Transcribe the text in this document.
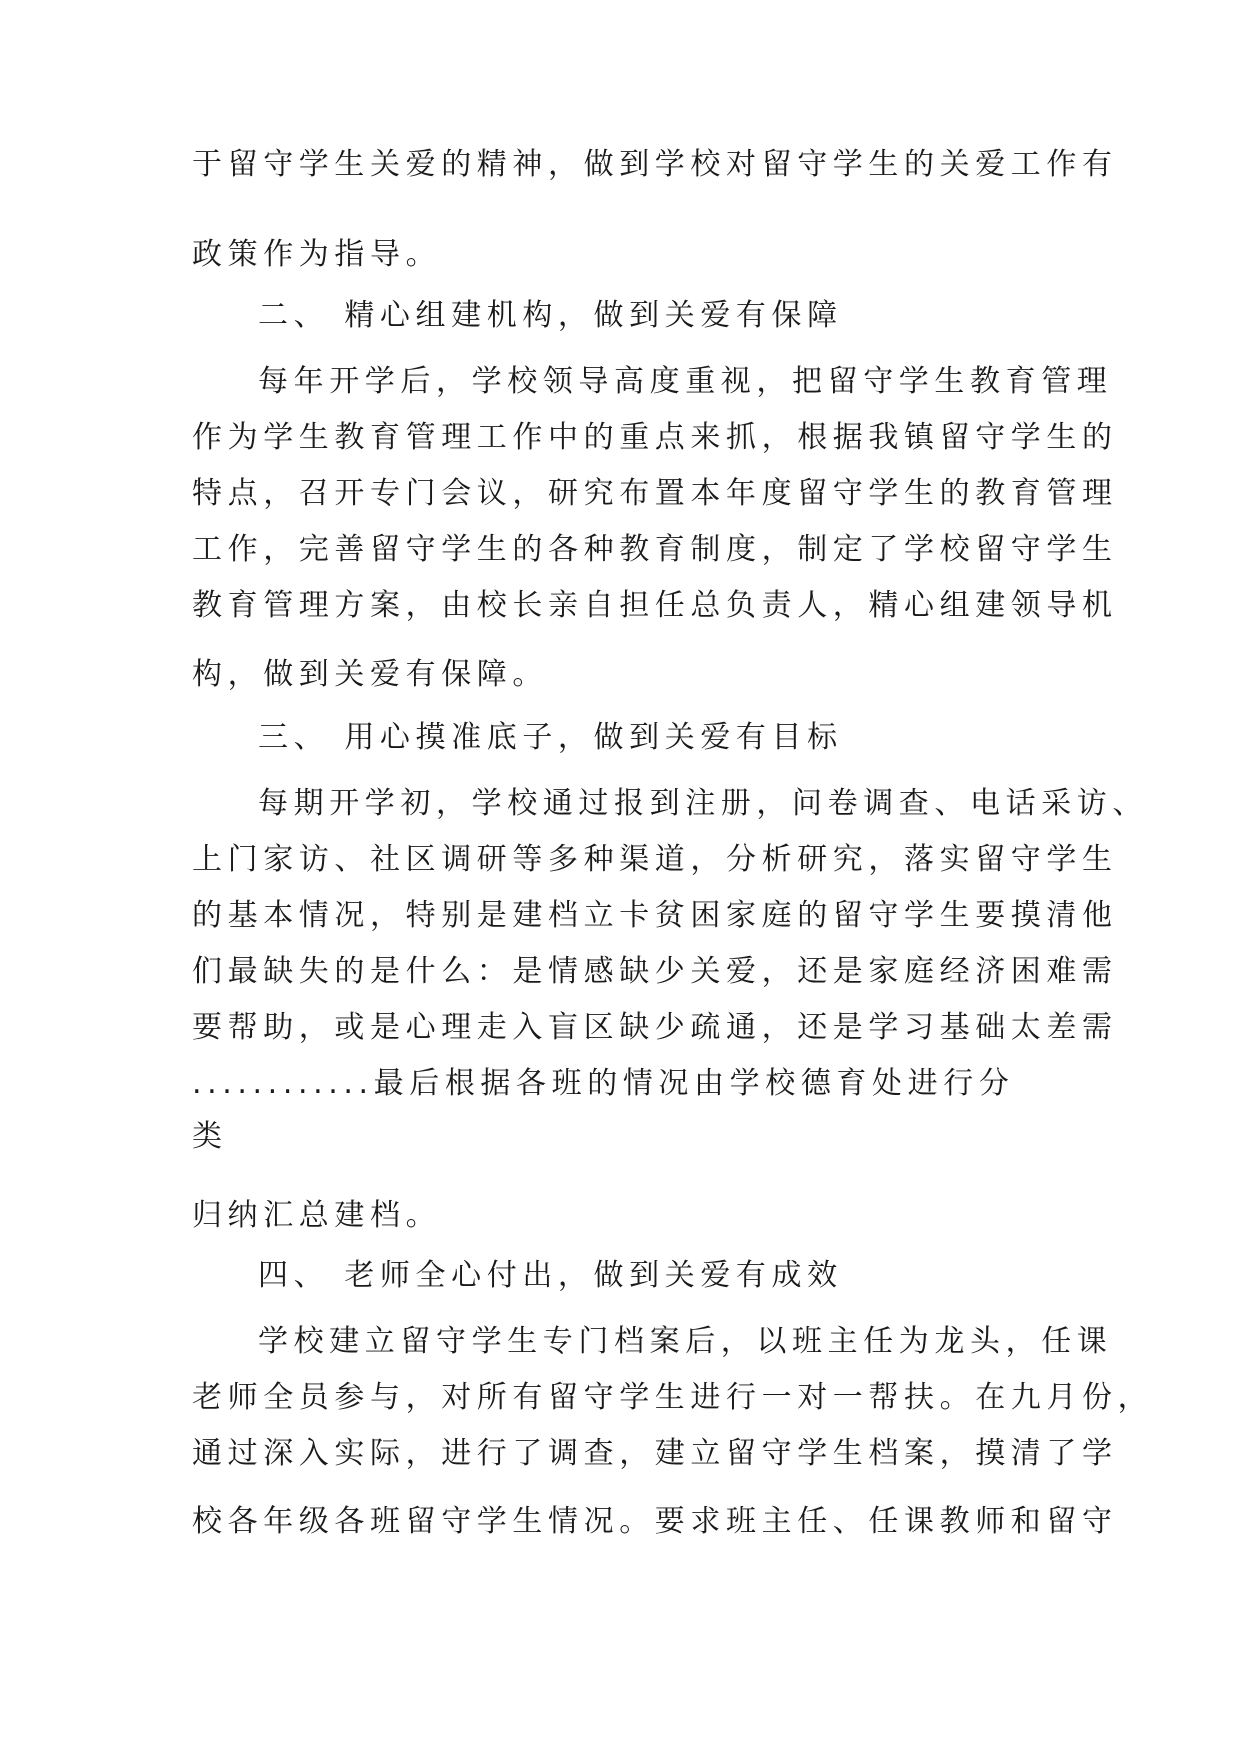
于留守学生关爱的精神，做到学校对留守学生的关爱工作有
政策作为指导。
二、 精心组建机构，做到关爱有保障
每年开学后，学校领导高度重视，把留守学生教育管理
作为学生教育管理工作中的重点来抓，根据我镇留守学生的
特点，召开专门会议，研究布置本年度留守学生的教育管理
工作，完善留守学生的各种教育制度，制定了学校留守学生
教育管理方案，由校长亲自担任总负责人，精心组建领导机
构，做到关爱有保障。
三、 用心摸准底子，做到关爱有目标
每期开学初，学校通过报到注册，问卷调查、电话采访、
上门家访、社区调研等多种渠道，分析研究，落实留守学生
的基本情况，特别是建档立卡贫困家庭的留守学生要摸清他
们最缺失的是什么：是情感缺少关爱，还是家庭经济困难需
要帮助，或是心理走入盲区缺少疏通，还是学习基础太差需
............最后根据各班的情况由学校德育处进行分
类
归纳汇总建档。
四、 老师全心付出，做到关爱有成效
学校建立留守学生专门档案后，以班主任为龙头，任课
老师全员参与，对所有留守学生进行一对一帮扶。在九月份，
通过深入实际，进行了调查，建立留守学生档案，摸清了学
校各年级各班留守学生情况。要求班主任、任课教师和留守
